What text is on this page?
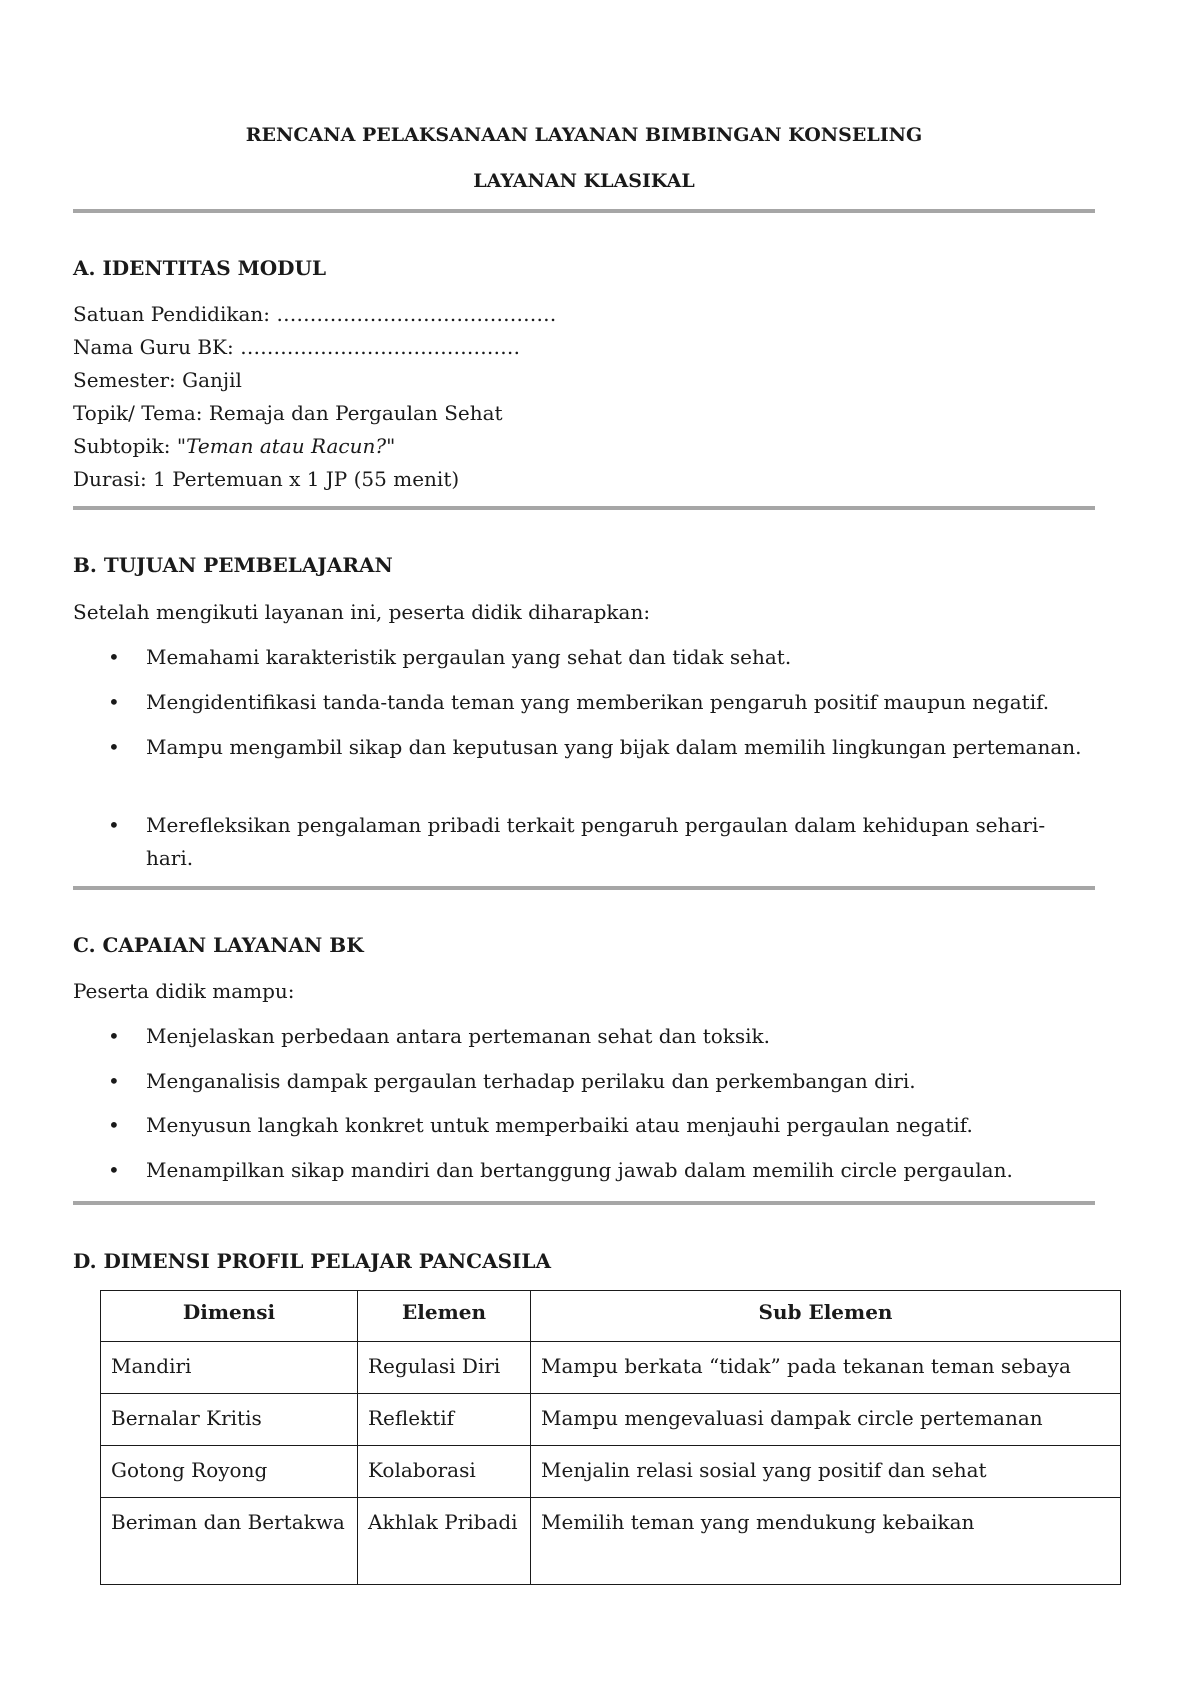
RENCANA PELAKSANAAN LAYANAN BIMBINGAN KONSELING
LAYANAN KLASIKAL
A. IDENTITAS MODUL
Satuan Pendidikan: ……………………………………
Nama Guru BK: ……………………………………
Semester: Ganjil
Topik/ Tema: Remaja dan Pergaulan Sehat
Subtopik: "Teman atau Racun?"
Durasi: 1 Pertemuan x 1 JP (55 menit)
B. TUJUAN PEMBELAJARAN
Setelah mengikuti layanan ini, peserta didik diharapkan:
• Memahami karakteristik pergaulan yang sehat dan tidak sehat.
• Mengidentifikasi tanda-tanda teman yang memberikan pengaruh positif maupun negatif.
• Mampu mengambil sikap dan keputusan yang bijak dalam memilih lingkungan pertemanan.
• Merefleksikan pengalaman pribadi terkait pengaruh pergaulan dalam kehidupan sehari-hari.
C. CAPAIAN LAYANAN BK
Peserta didik mampu:
• Menjelaskan perbedaan antara pertemanan sehat dan toksik.
• Menganalisis dampak pergaulan terhadap perilaku dan perkembangan diri.
• Menyusun langkah konkret untuk memperbaiki atau menjauhi pergaulan negatif.
• Menampilkan sikap mandiri dan bertanggung jawab dalam memilih circle pergaulan.
D. DIMENSI PROFIL PELAJAR PANCASILA
Dimensi	Elemen	Sub Elemen
Mandiri	Regulasi Diri	Mampu berkata “tidak” pada tekanan teman sebaya
Bernalar Kritis	Reflektif	Mampu mengevaluasi dampak circle pertemanan
Gotong Royong	Kolaborasi	Menjalin relasi sosial yang positif dan sehat
Beriman dan Bertakwa	Akhlak Pribadi	Memilih teman yang mendukung kebaikan
